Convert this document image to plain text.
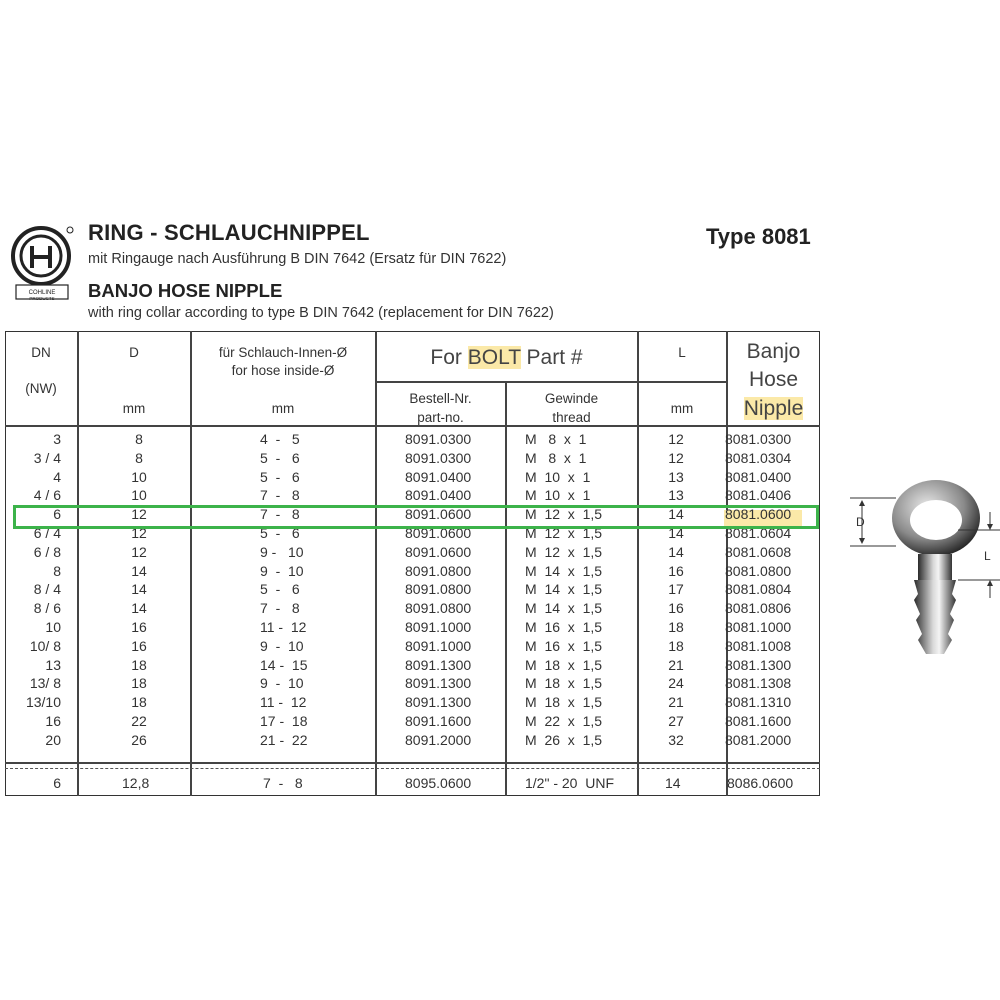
COHLINE
PRODUCTS
RING - SCHLAUCHNIPPEL
mit Ringauge nach Ausführung B DIN 7642 (Ersatz für DIN 7622)
BANJO HOSE NIPPLE
with ring collar according to type B DIN 7642 (replacement for DIN 7622)
Type 8081
DN
(NW)
D
mm
für Schlauch-Innen-Ø
for hose inside-Ø
mm
For BOLT Part #
Bestell-Nr.
part-no.
Gewinde
thread
L
mm
Banjo
Hose
Nipple
3	8	4  -   5	8091.0300	M   8  x  1	12	8081.0300
3 / 4	8	5  -   6	8091.0300	M   8  x  1	12	8081.0304
4	10	5  -   6	8091.0400	M  10  x  1	13	8081.0400
4 / 6	10	7  -   8	8091.0400	M  10  x  1	13	8081.0406
6	12	7  -   8	8091.0600	M  12  x  1,5	14	8081.0600
6 / 4	12	5  -   6	8091.0600	M  12  x  1,5	14	8081.0604
6 / 8	12	9 -   10	8091.0600	M  12  x  1,5	14	8081.0608
8	14	9  -  10	8091.0800	M  14  x  1,5	16	8081.0800
8 / 4	14	5  -   6	8091.0800	M  14  x  1,5	17	8081.0804
8 / 6	14	7  -   8	8091.0800	M  14  x  1,5	16	8081.0806
10	16	11 -  12	8091.1000	M  16  x  1,5	18	8081.1000
10/ 8	16	9  -  10	8091.1000	M  16  x  1,5	18	8081.1008
13	18	14 -  15	8091.1300	M  18  x  1,5	21	8081.1300
13/ 8	18	9  -  10	8091.1300	M  18  x  1,5	24	8081.1308
13/10	18	11 -  12	8091.1300	M  18  x  1,5	21	8081.1310
16	22	17 -  18	8091.1600	M  22  x  1,5	27	8081.1600
20	26	21 -  22	8091.2000	M  26  x  1,5	32	8081.2000
6	12,8	7  -   8	8095.0600	1/2" - 20  UNF	14	8086.0600
D
L
